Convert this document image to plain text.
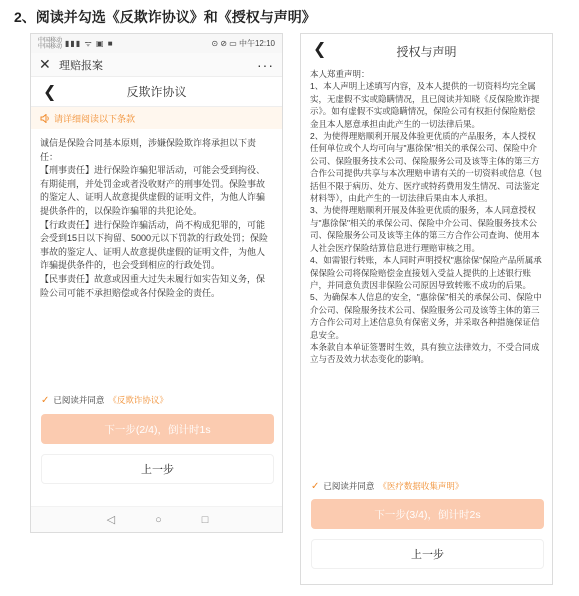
2、阅读并勾选《反欺诈协议》和《授权与声明》
中国移动
中国移动 ▮▮▮ ᯤ ▣ ■	⊙ ⊘ ▭ 中午12:10
✕ 理赔报案	···
❮	反欺诈协议
请详细阅读以下条款

诚信是保险合同基本原则，涉嫌保险欺诈将承担以下责任：

【刑事责任】进行保险诈骗犯罪活动，可能会受到拘役、有期徒刑，并处罚金或者没收财产的刑事处罚。保险事故的鉴定人、证明人故意提供虚假的证明文件，为他人诈骗提供条件的，以保险诈骗罪的共犯论处。

【行政责任】进行保险诈骗活动，尚不构成犯罪的，可能会受到15日以下拘留、5000元以下罚款的行政处罚；保险事故的鉴定人、证明人故意提供虚假的证明文件，为他人诈骗提供条件的，也会受到相应的行政处罚。

【民事责任】故意或因重大过失未履行如实告知义务，保险公司可能不承担赔偿或各付保险金的责任。

✓ 已阅读并同意 《反欺诈协议》
下一步(2/4)，倒计时1s
上一步
◁	○	□
❮	授权与声明

本人郑重声明：

1、本人声明上述填写内容，及本人提供的一切资料均完全属实，无虚假不实或隐瞒情况，且已阅读并知晓《反保险欺诈提示》。如有虚假不实或隐瞒情况，保险公司有权拒付保险赔偿金且本人愿意承担由此产生的一切法律后果。

2、为使得理赔顺利开展及体验更优质的产品服务，本人授权任何单位或个人均可向与"惠徐保"相关的承保公司、保险中介公司、保险服务技术公司、保险服务公司及该等主体的第三方合作公司提供/共享与本次理赔申请有关的一切资料或信息（包括但不限于病历、处方、医疗或特药费用发生情况、司法鉴定材料等），由此产生的一切法律后果由本人承担。

3、为使得理赔顺利开展及体验更优质的服务，本人同意授权与"惠徐保"相关的承保公司、保险中介公司、保险服务技术公司、保险服务公司及该等主体的第三方合作公司查询、使用本人社会医疗保险结算信息进行理赔审核之用。

4、如需银行转账，本人同时声明授权"惠徐保"保险产品所属承保保险公司将保险赔偿金直接划入受益人提供的上述银行账户，并同意负责因非保险公司原因导致转账不成功的后果。

5、为确保本人信息的安全，"惠徐保"相关的承保公司、保险中介公司、保险服务技术公司、保险服务公司及该等主体的第三方合作公司对上述信息负有保密义务，并采取各种措施保证信息安全。

本条款自本单证签署时生效，具有独立法律效力，不受合同成立与否及效力状态变化的影响。

✓ 已阅读并同意 《医疗数据收集声明》
下一步(3/4)，倒计时2s
上一步
